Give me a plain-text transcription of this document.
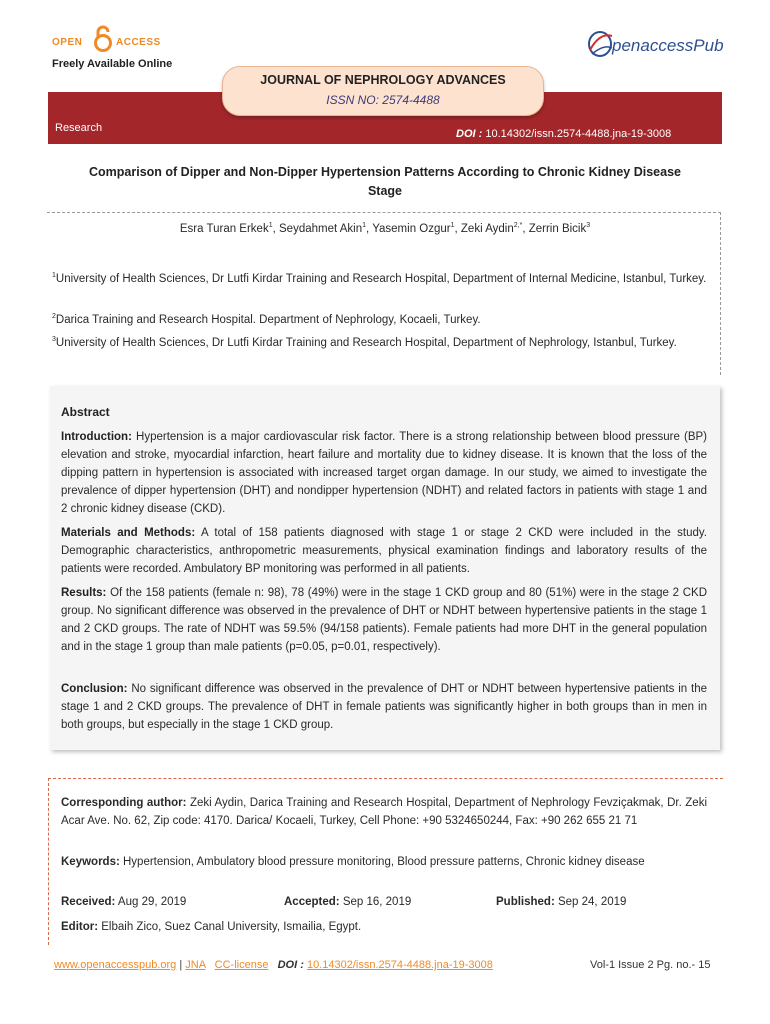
OPEN	ACCESS
Freely Available Online
penaccessPub
JOURNAL OF NEPHROLOGY ADVANCES
ISSN NO: 2574-4488
Research	DOI : 10.14302/issn.2574-4488.jna-19-3008
Comparison of Dipper and Non-Dipper Hypertension Patterns According to Chronic Kidney Disease
Stage
Esra Turan Erkek$^1$, Seydahmet Akin$^1$, Yasemin Ozgur$^1$, Zeki Aydin$^{2,*}$, Zerrin Bicik$^3$
$^1$University of Health Sciences, Dr Lutfi Kirdar Training and Research Hospital, Department of Internal Medicine, Istanbul, Turkey.
$^2$Darica Training and Research Hospital. Department of Nephrology, Kocaeli, Turkey.
$^3$University of Health Sciences, Dr Lutfi Kirdar Training and Research Hospital, Department of Nephrology, Istanbul, Turkey.
Abstract
Introduction: Hypertension is a major cardiovascular risk factor. There is a strong relationship between blood pressure (BP) elevation and stroke, myocardial infarction, heart failure and mortality due to kidney disease. It is known that the loss of the dipping pattern in hypertension is associated with increased target organ damage. In our study, we aimed to investigate the prevalence of dipper hypertension (DHT) and nondipper hypertension (NDHT) and related factors in patients with stage 1 and 2 chronic kidney disease (CKD).
Materials and Methods: A total of 158 patients diagnosed with stage 1 or stage 2 CKD were included in the study. Demographic characteristics, anthropometric measurements, physical examination findings and laboratory results of the patients were recorded. Ambulatory BP monitoring was performed in all patients.
Results: Of the 158 patients (female n: 98), 78 (49%) were in the stage 1 CKD group and 80 (51%) were in the stage 2 CKD group. No significant difference was observed in the prevalence of DHT or NDHT between hypertensive patients in the stage 1 and 2 CKD groups. The rate of NDHT was 59.5% (94/158 patients). Female patients had more DHT in the general population and in the stage 1 group than male patients (p=0.05, p=0.01, respectively).
Conclusion: No significant difference was observed in the prevalence of DHT or NDHT between hypertensive patients in the stage 1 and 2 CKD groups. The prevalence of DHT in female patients was significantly higher in both groups than in men in both groups, but especially in the stage 1 CKD group.
Corresponding author: Zeki Aydin, Darica Training and Research Hospital, Department of Nephrology Fevziçakmak, Dr. Zeki Acar Ave. No. 62, Zip code: 4170. Darica/ Kocaeli, Turkey, Cell Phone: +90 5324650244, Fax: +90 262 655 21 71
Keywords: Hypertension, Ambulatory blood pressure monitoring, Blood pressure patterns, Chronic kidney disease
Received: Aug 29, 2019	Accepted: Sep 16, 2019	Published: Sep 24, 2019
Editor: Elbaih Zico, Suez Canal University, Ismailia, Egypt.
www.openaccesspub.org | JNA CC-license DOI : 10.14302/issn.2574-4488.jna-19-3008	Vol-1 Issue 2 Pg. no.- 15
